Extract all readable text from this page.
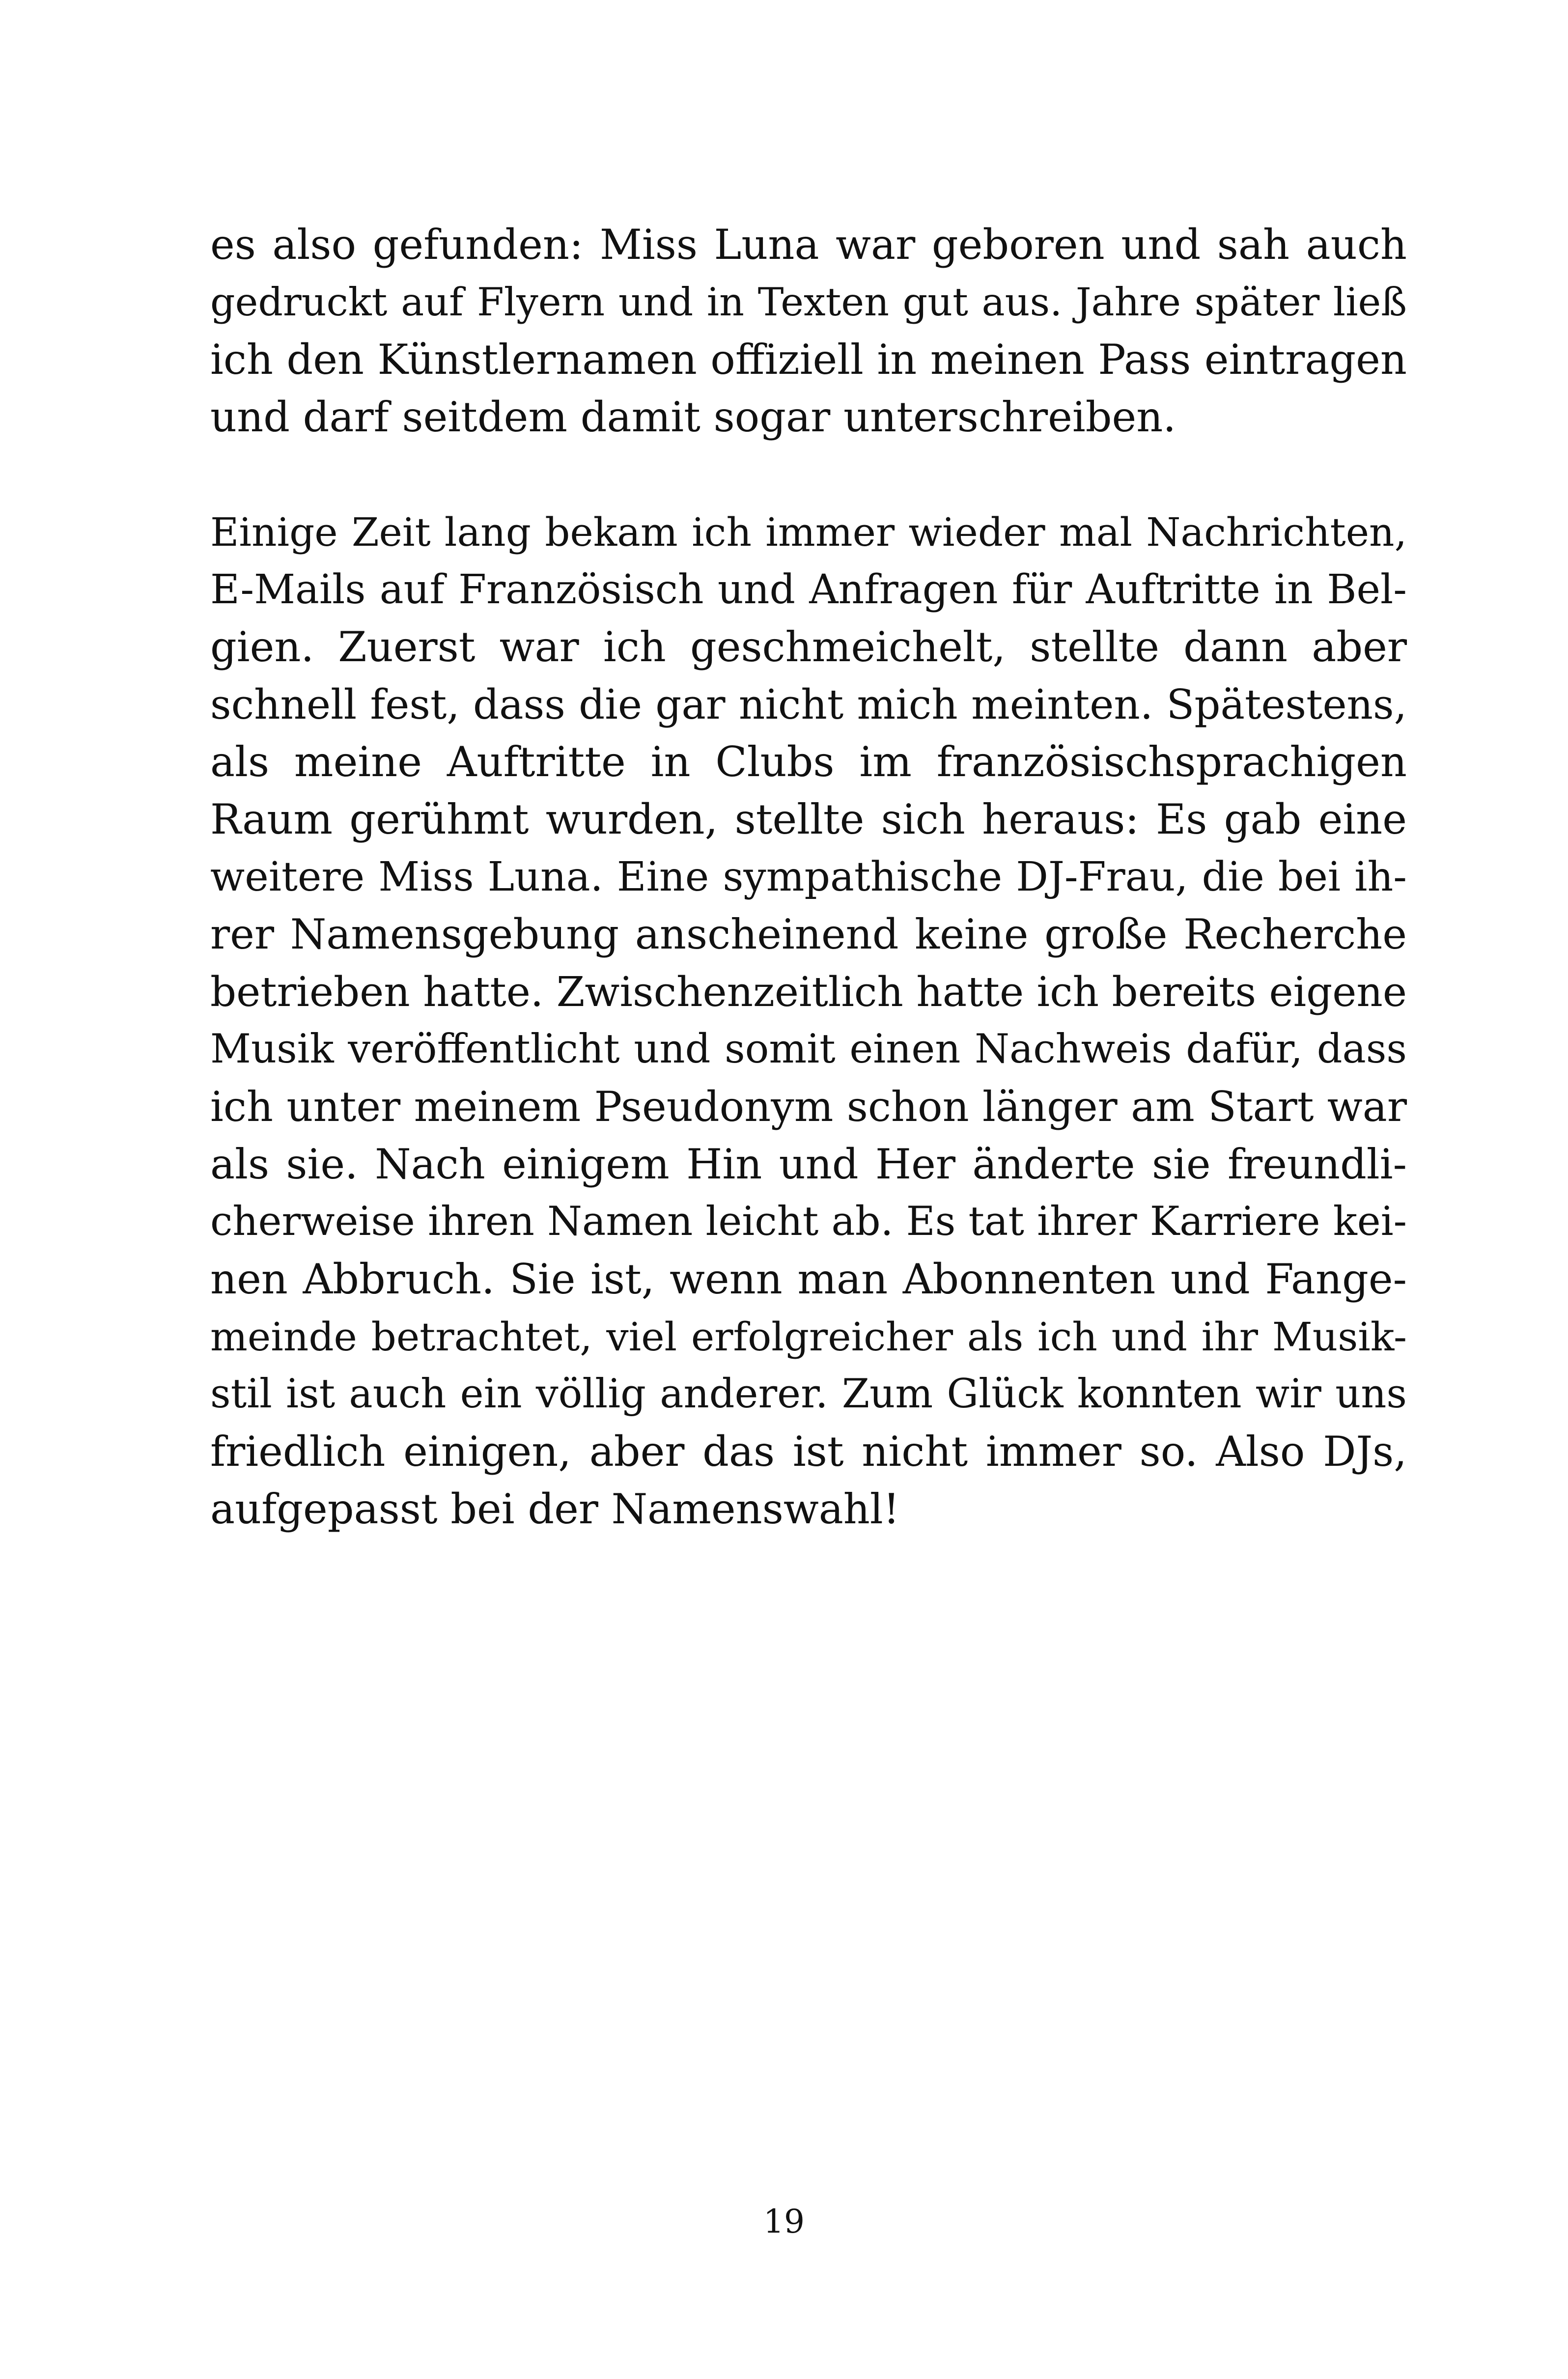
es also gefunden: Miss Luna war geboren und sah auch
gedruckt auf Flyern und in Texten gut aus. Jahre später ließ
ich den Künstlernamen offiziell in meinen Pass eintragen
und darf seitdem damit sogar unterschreiben.
Einige Zeit lang bekam ich immer wieder mal Nachrichten,
E-Mails auf Französisch und Anfragen für Auftritte in Bel-
gien. Zuerst war ich geschmeichelt, stellte dann aber
schnell fest, dass die gar nicht mich meinten. Spätestens,
als meine Auftritte in Clubs im französischsprachigen
Raum gerühmt wurden, stellte sich heraus: Es gab eine
weitere Miss Luna. Eine sympathische DJ-Frau, die bei ih-
rer Namensgebung anscheinend keine große Recherche
betrieben hatte. Zwischenzeitlich hatte ich bereits eigene
Musik veröffentlicht und somit einen Nachweis dafür, dass
ich unter meinem Pseudonym schon länger am Start war
als sie. Nach einigem Hin und Her änderte sie freundli-
cherweise ihren Namen leicht ab. Es tat ihrer Karriere kei-
nen Abbruch. Sie ist, wenn man Abonnenten und Fange-
meinde betrachtet, viel erfolgreicher als ich und ihr Musik-
stil ist auch ein völlig anderer. Zum Glück konnten wir uns
friedlich einigen, aber das ist nicht immer so. Also DJs,
aufgepasst bei der Namenswahl!
19
